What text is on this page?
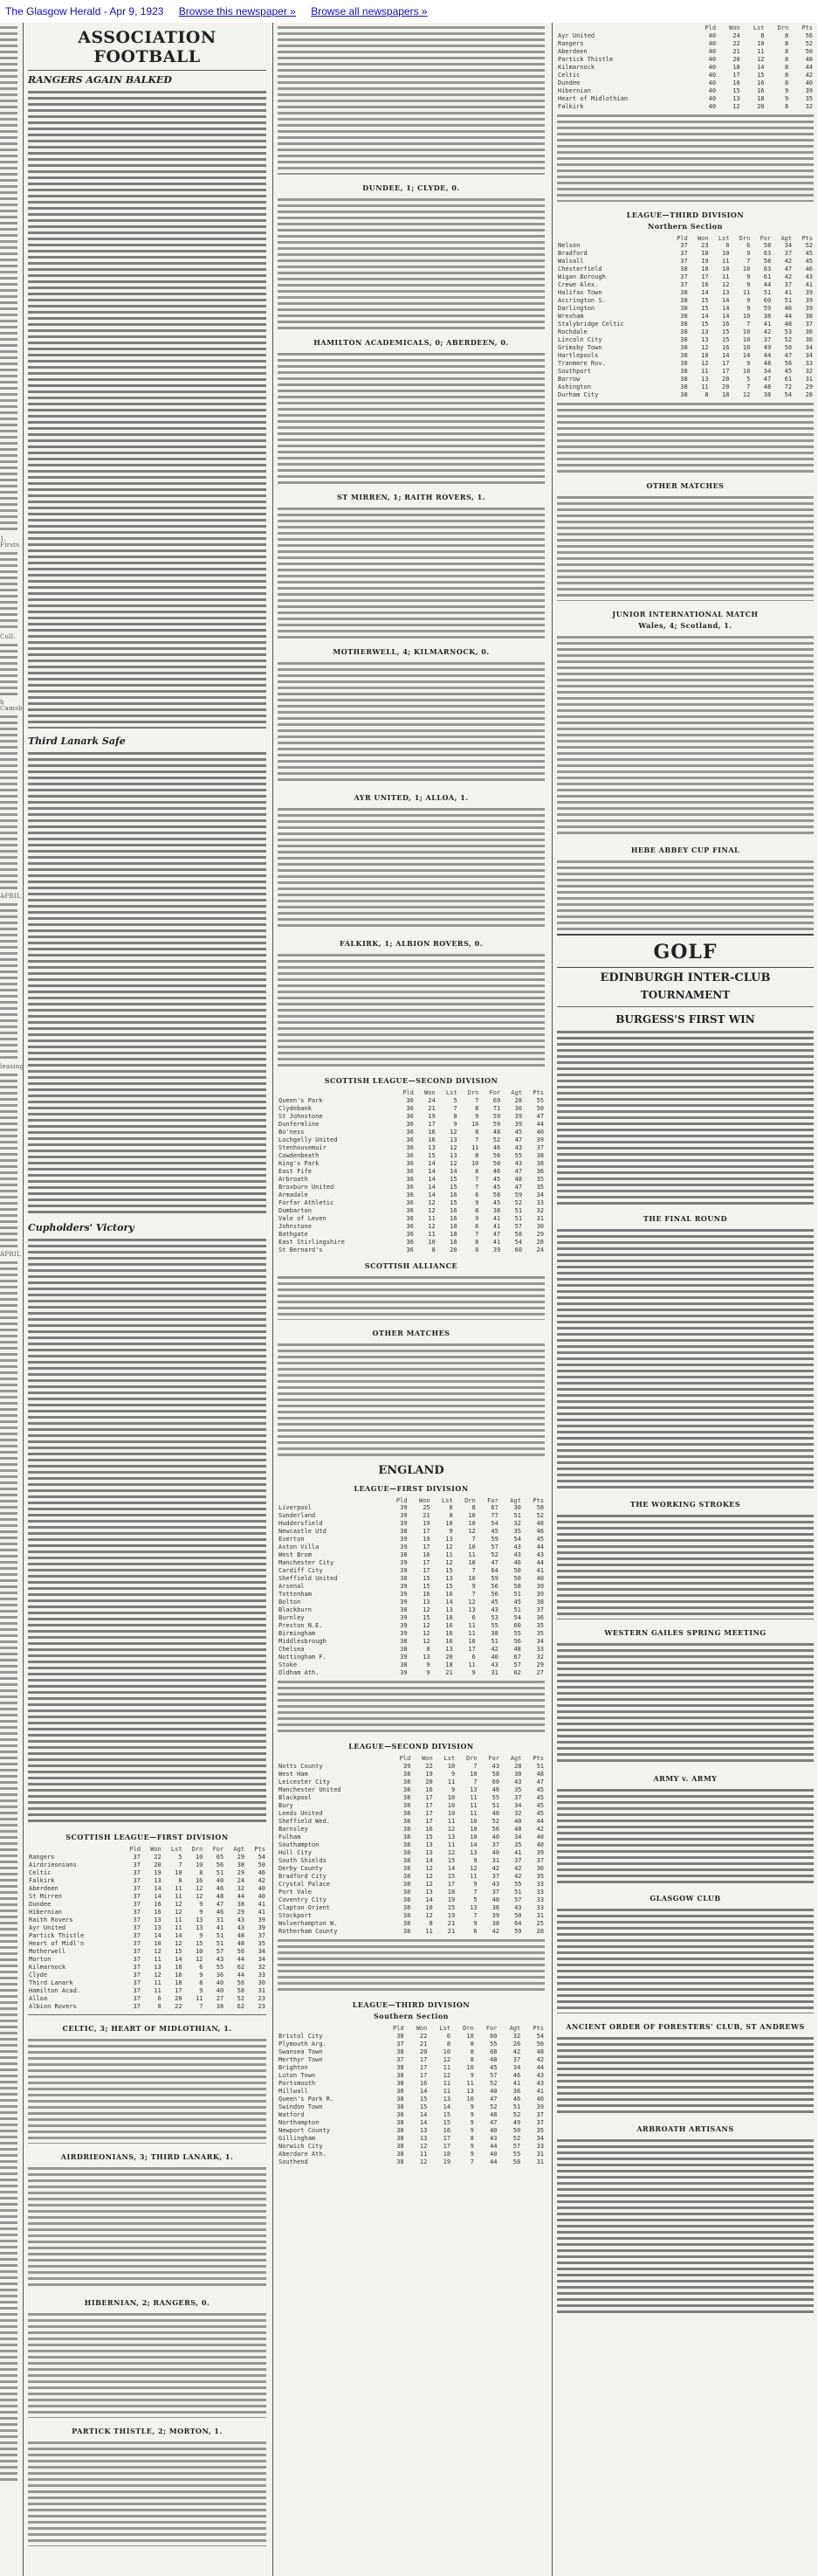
The Glasgow Herald - Apr 9, 1923 Browse this newspaper » Browse all newspapers »
1. Firsts
Coll.
h Camsb
APRIL
leasing
APRIL
ASSOCIATION FOOTBALL
RANGERS AGAIN BALKED
Third Lanark Safe
Cupholders' Victory
SCOTTISH LEAGUE—FIRST DIVISION
	Pld	Won	Lst	Drn	For	Agt	Pts
Rangers	37	22	5	10	65	29	54
Airdrieonians	37	20	7	10	56	38	50
Celtic	37	19	10	8	51	29	46
Falkirk	37	13	8	16	40	24	42
Aberdeen	37	14	11	12	46	32	40
St Mirren	37	14	11	12	48	44	40
Dundee	37	16	12	9	47	38	41
Hibernian	37	16	12	9	46	29	41
Raith Rovers	37	13	11	13	31	43	39
Ayr United	37	13	11	13	41	43	39
Partick Thistle	37	14	14	9	51	48	37
Heart of Midl'n	37	10	12	15	51	48	35
Motherwell	37	12	15	10	57	56	34
Morton	37	11	14	12	43	44	34
Kilmarnock	37	13	18	6	55	62	32
Clyde	37	12	16	9	36	44	33
Third Lanark	37	11	18	8	40	56	30
Hamilton Acad.	37	11	17	9	40	58	31
Alloa	37	6	20	11	27	52	23
Albion Rovers	37	8	22	7	38	62	23
CELTIC, 3; HEART OF MIDLOTHIAN, 1.
AIRDRIEONIANS, 3; THIRD LANARK, 1.
HIBERNIAN, 2; RANGERS, 0.
PARTICK THISTLE, 2; MORTON, 1.
DUNDEE, 1; CLYDE, 0.
HAMILTON ACADEMICALS, 0; ABERDEEN, 0.
ST MIRREN, 1; RAITH ROVERS, 1.
MOTHERWELL, 4; KILMARNOCK, 0.
AYR UNITED, 1; ALLOA, 1.
FALKIRK, 1; ALBION ROVERS, 0.
SCOTTISH LEAGUE—SECOND DIVISION
	Pld	Won	Lst	Drn	For	Agt	Pts
Queen's Park	36	24	5	7	69	28	55
Clydebank	36	21	7	8	71	36	50
St Johnstone	36	19	8	9	59	39	47
Dunfermline	36	17	9	10	59	39	44
Bo'ness	36	16	12	8	48	45	40
Lochgelly United	36	16	13	7	52	47	39
Stenhousemuir	36	13	12	11	46	43	37
Cowdenbeath	36	15	13	8	56	55	38
King's Park	36	14	12	10	50	43	38
East Fife	36	14	14	8	46	47	36
Arbroath	36	14	15	7	45	48	35
Broxburn United	36	14	15	7	45	47	35
Armadale	36	14	16	6	58	59	34
Forfar Athletic	36	12	15	9	45	52	33
Dumbarton	36	12	16	8	38	51	32
Vale of Leven	36	11	16	9	41	51	31
Johnstone	36	12	18	6	41	57	30
Bathgate	36	11	18	7	47	58	29
East Stirlingshire	36	10	18	8	41	54	28
St Bernard's	36	8	20	8	39	60	24
SCOTTISH ALLIANCE
OTHER MATCHES
ENGLAND
LEAGUE—FIRST DIVISION
	Pld	Won	Lst	Drn	For	Agt	Pts
Liverpool	39	25	6	8	67	30	58
Sunderland	39	21	8	10	77	51	52
Huddersfield	39	19	10	10	54	32	48
Newcastle Utd	38	17	9	12	45	35	46
Everton	39	19	13	7	59	54	45
Aston Villa	39	17	12	10	57	43	44
West Brom	38	16	11	11	52	43	43
Manchester City	39	17	12	10	47	46	44
Cardiff City	39	17	15	7	64	50	41
Sheffield United	38	15	13	10	59	50	40
Arsenal	39	15	15	9	56	58	39
Tottenham	39	16	16	7	56	51	39
Bolton	39	13	14	12	45	45	38
Blackburn	38	12	13	13	43	51	37
Burnley	39	15	18	6	53	54	36
Preston N.E.	39	12	16	11	55	60	35
Birmingham	39	12	16	11	38	55	35
Middlesbrough	38	12	16	10	51	56	34
Chelsea	38	8	13	17	42	48	33
Nottingham F.	39	13	20	6	40	67	32
Stoke	38	9	18	11	43	57	29
Oldham Ath.	39	9	21	9	31	62	27
LEAGUE—SECOND DIVISION
	Pld	Won	Lst	Drn	For	Agt	Pts
Notts County	39	22	10	7	43	28	51
West Ham	38	19	9	10	58	30	48
Leicester City	38	20	11	7	60	43	47
Manchester United	38	16	9	13	46	35	45
Blackpool	38	17	10	11	55	37	45
Bury	38	17	10	11	51	34	45
Leeds United	38	17	10	11	40	32	45
Sheffield Wed.	38	17	11	10	52	40	44
Barnsley	38	16	12	10	56	48	42
Fulham	38	15	13	10	40	34	40
Southampton	38	13	11	14	37	35	40
Hull City	38	13	12	13	40	41	39
South Shields	38	14	15	9	31	37	37
Derby County	38	12	14	12	42	42	36
Bradford City	38	12	15	11	37	42	35
Crystal Palace	38	12	17	9	43	55	33
Port Vale	38	13	18	7	37	51	33
Coventry City	38	14	19	5	40	57	33
Clapton Orient	38	10	15	13	36	43	33
Stockport	38	12	19	7	39	50	31
Wolverhampton W.	38	8	21	9	38	64	25
Rotherham County	38	11	21	6	42	59	28
LEAGUE—THIRD DIVISION
Southern Section
	Pld	Won	Lst	Drn	For	Agt	Pts
Bristol City	38	22	6	10	60	32	54
Plymouth Arg.	37	21	8	8	55	26	50
Swansea Town	38	20	10	8	68	42	48
Merthyr Town	37	17	12	8	48	37	42
Brighton	38	17	11	10	45	34	44
Luton Town	38	17	12	9	57	46	43
Portsmouth	38	16	11	11	52	41	43
Millwall	38	14	11	13	40	36	41
Queen's Park R.	38	15	13	10	47	46	40
Swindon Town	38	15	14	9	52	51	39
Watford	38	14	15	9	48	52	37
Northampton	38	14	15	9	47	49	37
Newport County	38	13	16	9	40	50	35
Gillingham	38	13	17	8	43	52	34
Norwich City	38	12	17	9	44	57	33
Aberdare Ath.	38	11	18	9	40	55	31
Southend	38	12	19	7	44	58	31
	Pld	Won	Lst	Drn	Pts
Ayr United	40	24	8	8	56
Rangers	40	22	10	8	52
Aberdeen	40	21	11	8	50
Partick Thistle	40	20	12	8	48
Kilmarnock	40	18	14	8	44
Celtic	40	17	15	8	42
Dundee	40	16	16	8	40
Hibernian	40	15	16	9	39
Heart of Midlothian	40	13	18	9	35
Falkirk	40	12	20	8	32
LEAGUE—THIRD DIVISION
Northern Section
	Pld	Won	Lst	Drn	For	Agt	Pts
Nelson	37	23	8	6	58	34	52
Bradford	37	18	10	9	63	37	45
Walsall	37	19	11	7	58	42	45
Chesterfield	38	18	10	10	63	47	46
Wigan Borough	37	17	11	9	61	42	43
Crewe Alex.	37	16	12	9	44	37	41
Halifax Town	38	14	13	11	51	41	39
Accrington S.	38	15	14	9	60	51	39
Darlington	38	15	14	9	59	46	39
Wrexham	38	14	14	10	38	44	38
Stalybridge Celtic	38	15	16	7	41	48	37
Rochdale	38	13	15	10	42	53	36
Lincoln City	38	13	15	10	37	52	36
Grimsby Town	38	12	16	10	49	50	34
Hartlepools	38	10	14	14	44	47	34
Tranmere Rov.	38	12	17	9	48	56	33
Southport	38	11	17	10	34	45	32
Barrow	38	13	20	5	47	61	31
Ashington	38	11	20	7	48	72	29
Durham City	38	8	18	12	38	54	28
OTHER MATCHES
JUNIOR INTERNATIONAL MATCH
Wales, 4; Scotland, 1.
HEBE ABBEY CUP FINAL
GOLF
EDINBURGH INTER-CLUB
TOURNAMENT
BURGESS'S FIRST WIN
THE FINAL ROUND
THE WORKING STROKES
WESTERN GAILES SPRING MEETING
ARMY v. ARMY
GLASGOW CLUB
ANCIENT ORDER OF FORESTERS' CLUB, ST ANDREWS
ARBROATH ARTISANS
